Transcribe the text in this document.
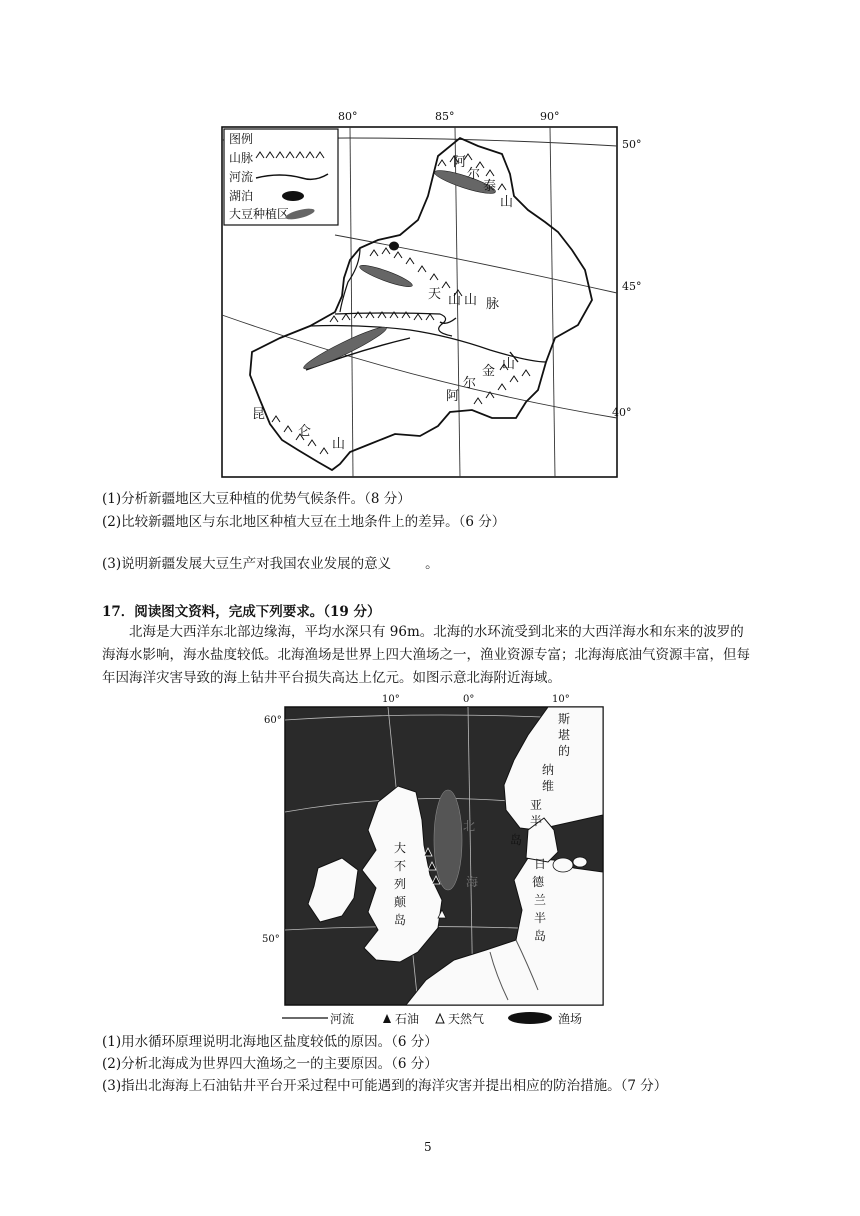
80°	85°	90°
50°
45°
40°
阿
尔
泰
山
天 山 山 脉
阿
尔
金 山
昆
仑
山
图例
山脉
河流
湖泊
大豆种植区
(1)分析新疆地区大豆种植的优势气候条件。（8 分）
(2)比较新疆地区与东北地区种植大豆在土地条件上的差异。（6 分）
(3)说明新疆发展大豆生产对我国农业发展的意义	。
17．阅读图文资料，完成下列要求。（19 分）
北海是大西洋东北部边缘海，平均水深只有 96m。北海的水环流受到北来的大西洋海水和东来的波罗的海海水影响，海水盐度较低。北海渔场是世界上四大渔场之一，渔业资源专富；北海海底油气资源丰富，但每年因海洋灾害导致的海上钻井平台损失高达上亿元。如图示意北海附近海域。
10°	0°	10°
60°
50°
斯
堪
的
纳
维
亚
半
岛
大
不
列
颠
岛
日
德
兰
半
岛
北
海
河流	石油 天然气	渔场
(1)用水循环原理说明北海地区盐度较低的原因。（6 分）
(2)分析北海成为世界四大渔场之一的主要原因。（6 分）
(3)指出北海海上石油钻井平台开采过程中可能遇到的海洋灾害并提出相应的防治措施。（7 分）
5
